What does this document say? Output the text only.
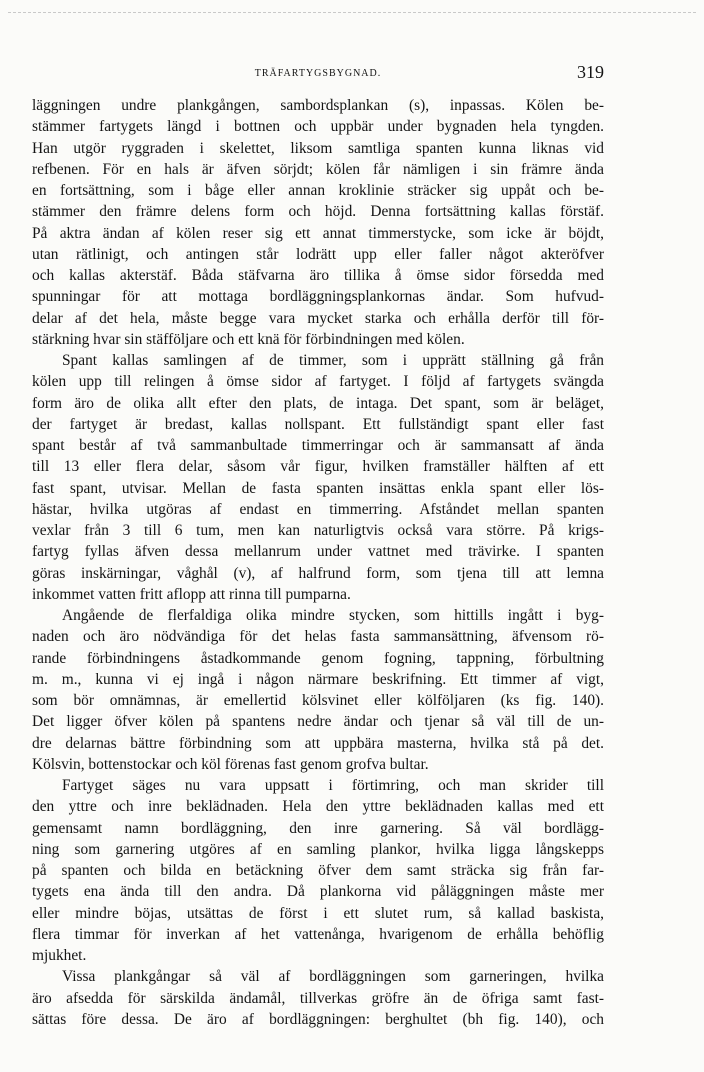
TRÄFARTYGSBYGNAD.	319
läggningen undre plankgången, sambordsplankan (s), inpassas. Kölen be-
stämmer fartygets längd i bottnen och uppbär under bygnaden hela tyngden.
Han utgör ryggraden i skelettet, liksom samtliga spanten kunna liknas vid
refbenen. För en hals är äfven sörjdt; kölen får nämligen i sin främre ända
en fortsättning, som i båge eller annan kroklinie sträcker sig uppåt och be-
stämmer den främre delens form och höjd. Denna fortsättning kallas förstäf.
På aktra ändan af kölen reser sig ett annat timmerstycke, som icke är böjdt,
utan rätlinigt, och antingen står lodrätt upp eller faller något akteröfver
och kallas akterstäf. Båda stäfvarna äro tillika å ömse sidor försedda med
spunningar för att mottaga bordläggningsplankornas ändar. Som hufvud-
delar af det hela, måste begge vara mycket starka och erhålla derför till för-
stärkning hvar sin stäfföljare och ett knä för förbindningen med kölen.
Spant kallas samlingen af de timmer, som i upprätt ställning gå från
kölen upp till relingen å ömse sidor af fartyget. I följd af fartygets svängda
form äro de olika allt efter den plats, de intaga. Det spant, som är beläget,
der fartyget är bredast, kallas nollspant. Ett fullständigt spant eller fast
spant består af två sammanbultade timmerringar och är sammansatt af ända
till 13 eller flera delar, såsom vår figur, hvilken framställer hälften af ett
fast spant, utvisar. Mellan de fasta spanten insättas enkla spant eller lös-
hästar, hvilka utgöras af endast en timmerring. Afståndet mellan spanten
vexlar från 3 till 6 tum, men kan naturligtvis också vara större. På krigs-
fartyg fyllas äfven dessa mellanrum under vattnet med trävirke. I spanten
göras inskärningar, våghål (v), af halfrund form, som tjena till att lemna
inkommet vatten fritt aflopp att rinna till pumparna.
Angående de flerfaldiga olika mindre stycken, som hittills ingått i byg-
naden och äro nödvändiga för det helas fasta sammansättning, äfvensom rö-
rande förbindningens åstadkommande genom fogning, tappning, förbultning
m. m., kunna vi ej ingå i någon närmare beskrifning. Ett timmer af vigt,
som bör omnämnas, är emellertid kölsvinet eller kölföljaren (ks fig. 140).
Det ligger öfver kölen på spantens nedre ändar och tjenar så väl till de un-
dre delarnas bättre förbindning som att uppbära masterna, hvilka stå på det.
Kölsvin, bottenstockar och köl förenas fast genom grofva bultar.
Fartyget säges nu vara uppsatt i förtimring, och man skrider till
den yttre och inre beklädnaden. Hela den yttre beklädnaden kallas med ett
gemensamt namn bordläggning, den inre garnering. Så väl bordlägg-
ning som garnering utgöres af en samling plankor, hvilka ligga långskepps
på spanten och bilda en betäckning öfver dem samt sträcka sig från far-
tygets ena ända till den andra. Då plankorna vid påläggningen måste mer
eller mindre böjas, utsättas de först i ett slutet rum, så kallad baskista,
flera timmar för inverkan af het vattenånga, hvarigenom de erhålla behöflig
mjukhet.
Vissa plankgångar så väl af bordläggningen som garneringen, hvilka
äro afsedda för särskilda ändamål, tillverkas gröfre än de öfriga samt fast-
sättas före dessa. De äro af bordläggningen: berghultet (bh fig. 140), och
